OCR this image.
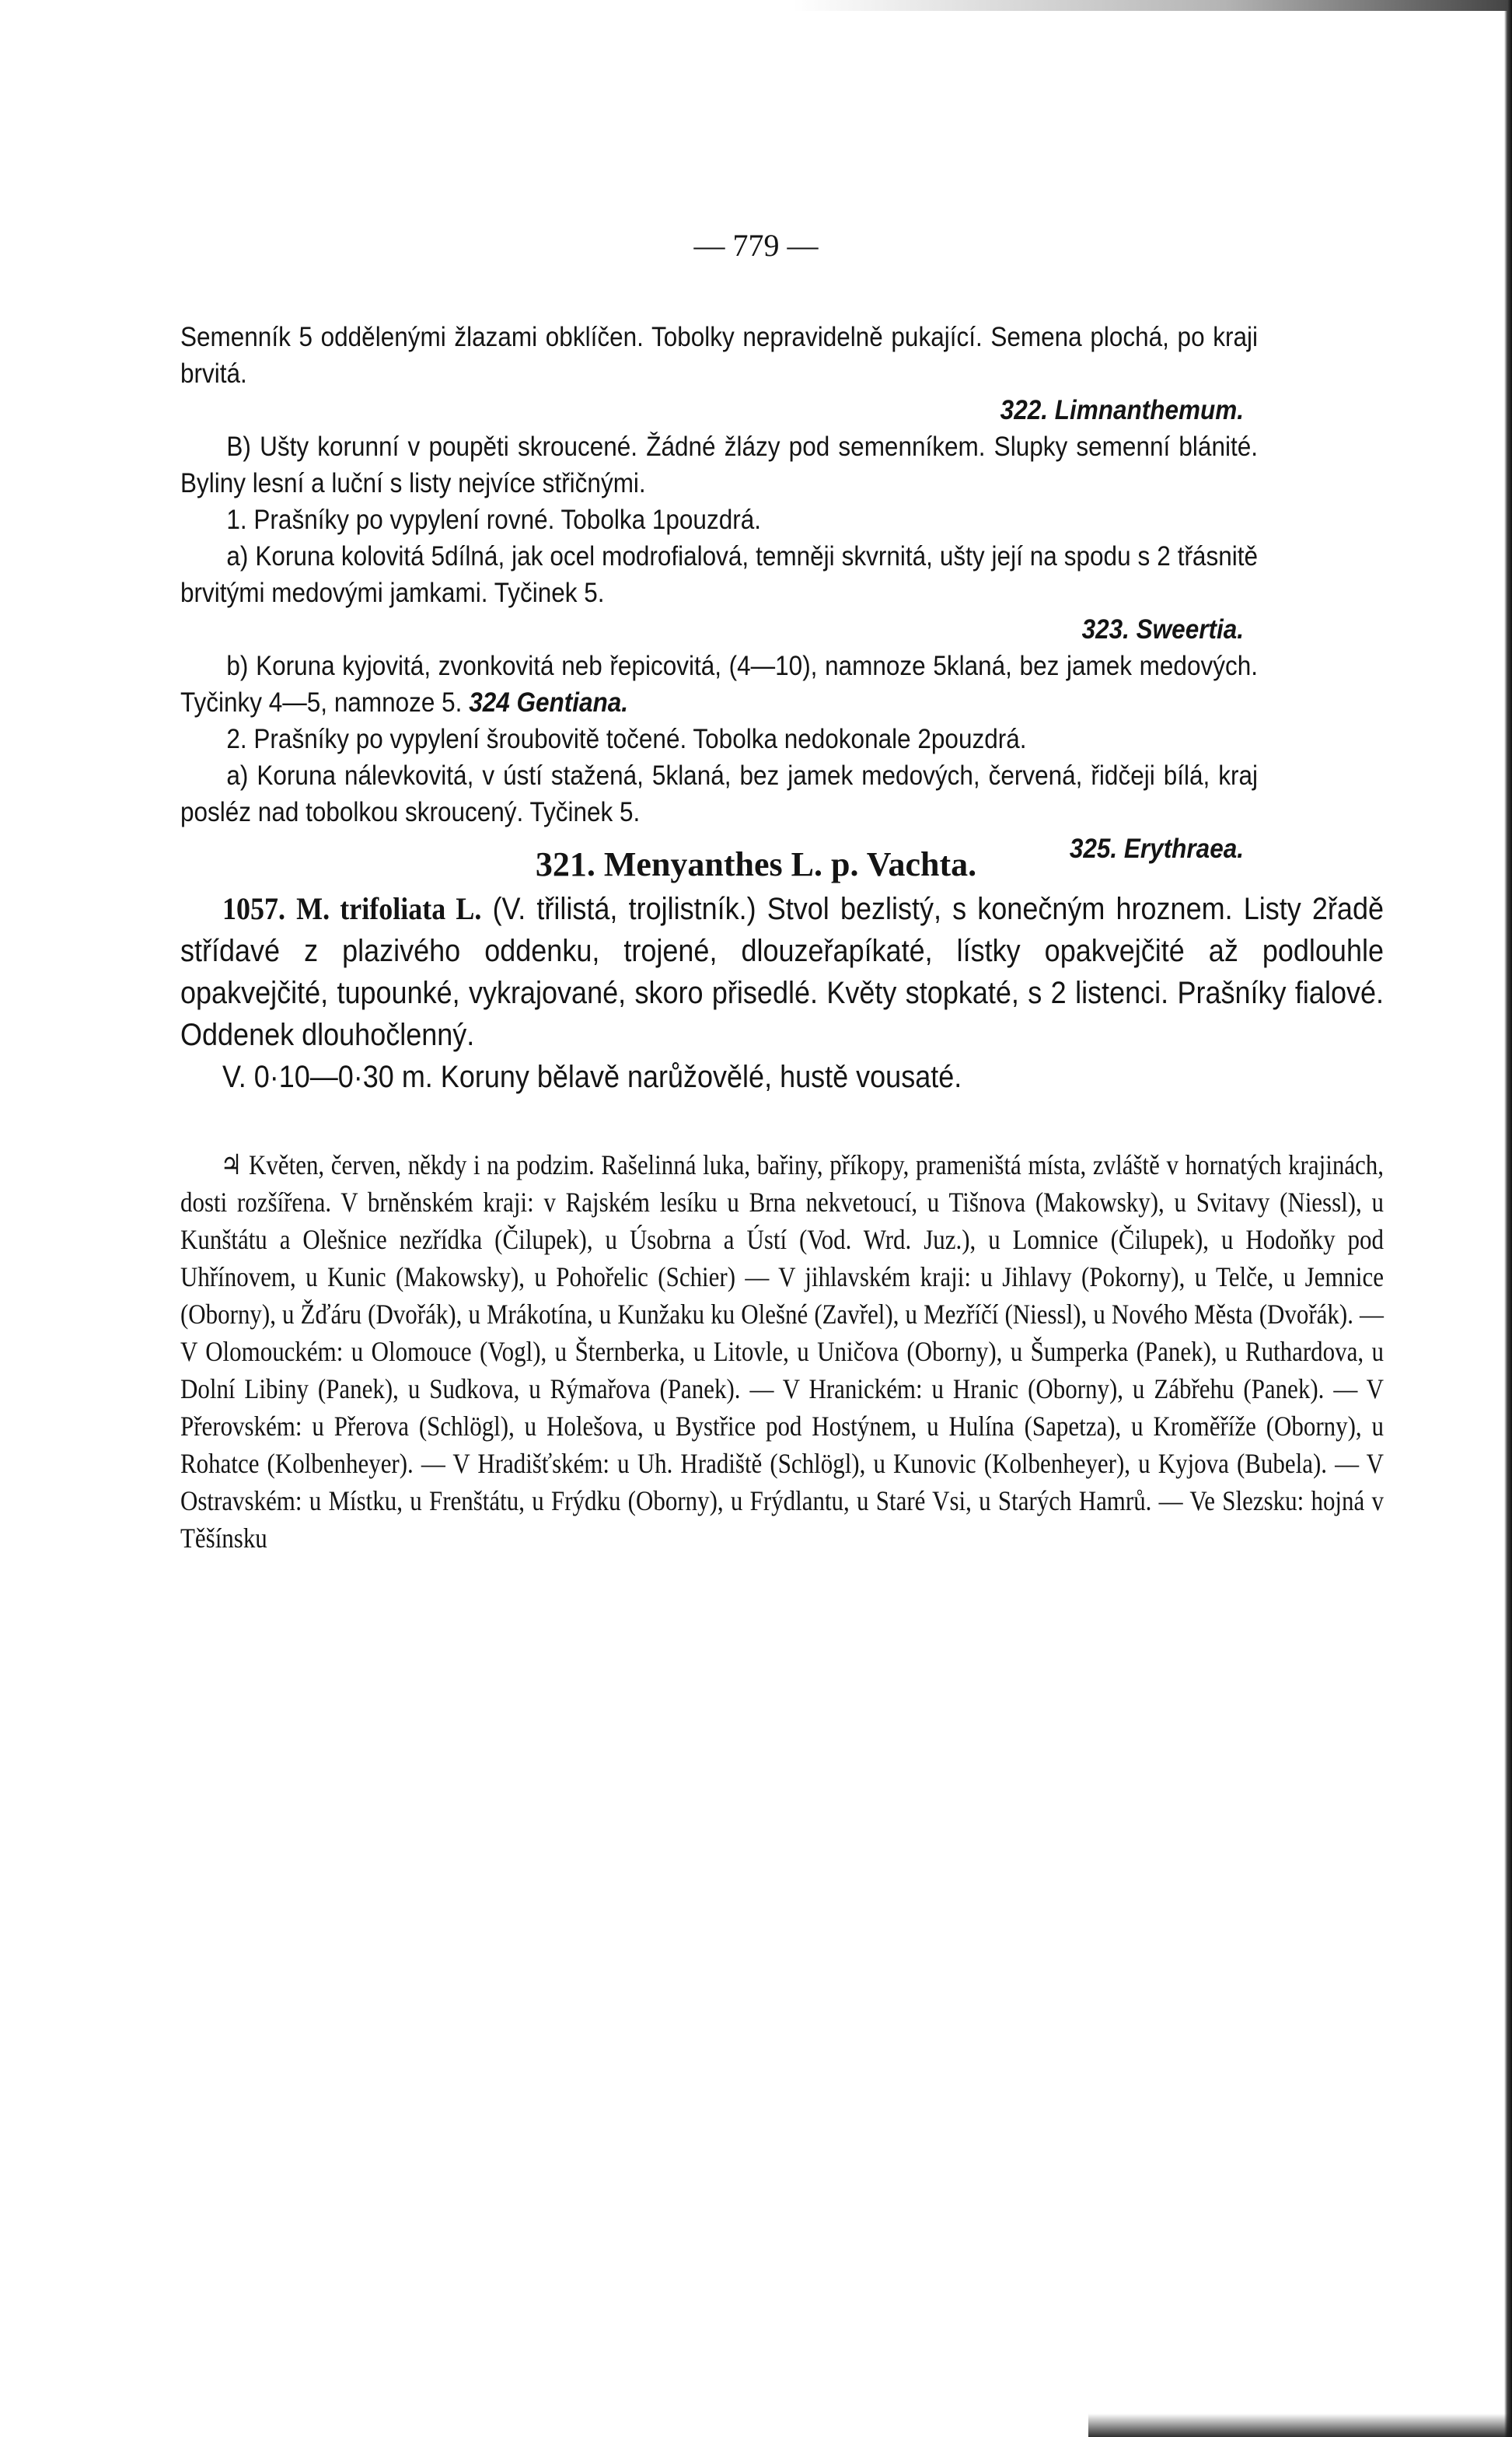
— 779 —

Semenník 5 oddělenými žlazami obklíčen. Tobolky nepravidelně pukající. Semena plochá, po kraji brvitá.

322. Limnanthemum.

B) Ušty korunní v poupěti skroucené. Žádné žlázy pod semenníkem. Slupky semenní blánité. Byliny lesní a luční s listy nejvíce střičnými.

1. Prašníky po vypylení rovné. Tobolka 1pouzdrá.

a) Koruna kolovitá 5dílná, jak ocel modrofialová, temněji skvrnitá, ušty její na spodu s 2 třásnitě brvitými medovými jamkami. Tyčinek 5.

323. Sweertia.

b) Koruna kyjovitá, zvonkovitá neb řepicovitá, (4—10), namnoze 5klaná, bez jamek medových. Tyčinky 4—5, namnoze 5. 324 Gentiana.

2. Prašníky po vypylení šroubovitě točené. Tobolka nedokonale 2pouzdrá.

a) Koruna nálevkovitá, v ústí stažená, 5klaná, bez jamek medových, červená, řidčeji bílá, kraj posléz nad tobolkou skroucený. Tyčinek 5.

325. Erythraea.

321. Menyanthes L. p. Vachta.

1057. M. trifoliata L. (V. třilistá, trojlistník.) Stvol bezlistý, s konečným hroznem. Listy 2řadě střídavé z plazivého oddenku, trojené, dlouzeřapíkaté, lístky opakvejčité až podlouhle opakvejčité, tupounké, vykrajované, skoro přisedlé. Květy stopkaté, s 2 listenci. Prašníky fialové. Oddenek dlouhočlenný.

V. 0·10—0·30 m. Koruny bělavě narůžovělé, hustě vousaté.

♃ Květen, červen, někdy i na podzim. Rašelinná luka, bařiny, příkopy, prameništá místa, zvláště v hornatých krajinách, dosti rozšířena. V brněnském kraji: v Rajském lesíku u Brna nekvetoucí, u Tišnova (Makowsky), u Svitavy (Niessl), u Kunštátu a Olešnice nezřídka (Čilupek), u Úsobrna a Ústí (Vod. Wrd. Juz.), u Lomnice (Čilupek), u Hodoňky pod Uhřínovem, u Kunic (Makowsky), u Pohořelic (Schier) — V jihlavském kraji: u Jihlavy (Pokorny), u Telče, u Jemnice (Oborny), u Žďáru (Dvořák), u Mrákotína, u Kunžaku ku Olešné (Zavřel), u Mezříčí (Niessl), u Nového Města (Dvořák). — V Olomouckém: u Olomouce (Vogl), u Šternberka, u Litovle, u Uničova (Oborny), u Šumperka (Panek), u Ruthardova, u Dolní Libiny (Panek), u Sudkova, u Rýmařova (Panek). — V Hranickém: u Hranic (Oborny), u Zábřehu (Panek). — V Přerovském: u Přerova (Schlögl), u Holešova, u Bystřice pod Hostýnem, u Hulína (Sapetza), u Kroměříže (Oborny), u Rohatce (Kolbenheyer). — V Hradišťském: u Uh. Hradiště (Schlögl), u Kunovic (Kolbenheyer), u Kyjova (Bubela). — V Ostravském: u Místku, u Frenštátu, u Frýdku (Oborny), u Frýdlantu, u Staré Vsi, u Starých Hamrů. — Ve Slezsku: hojná v Těšínsku
